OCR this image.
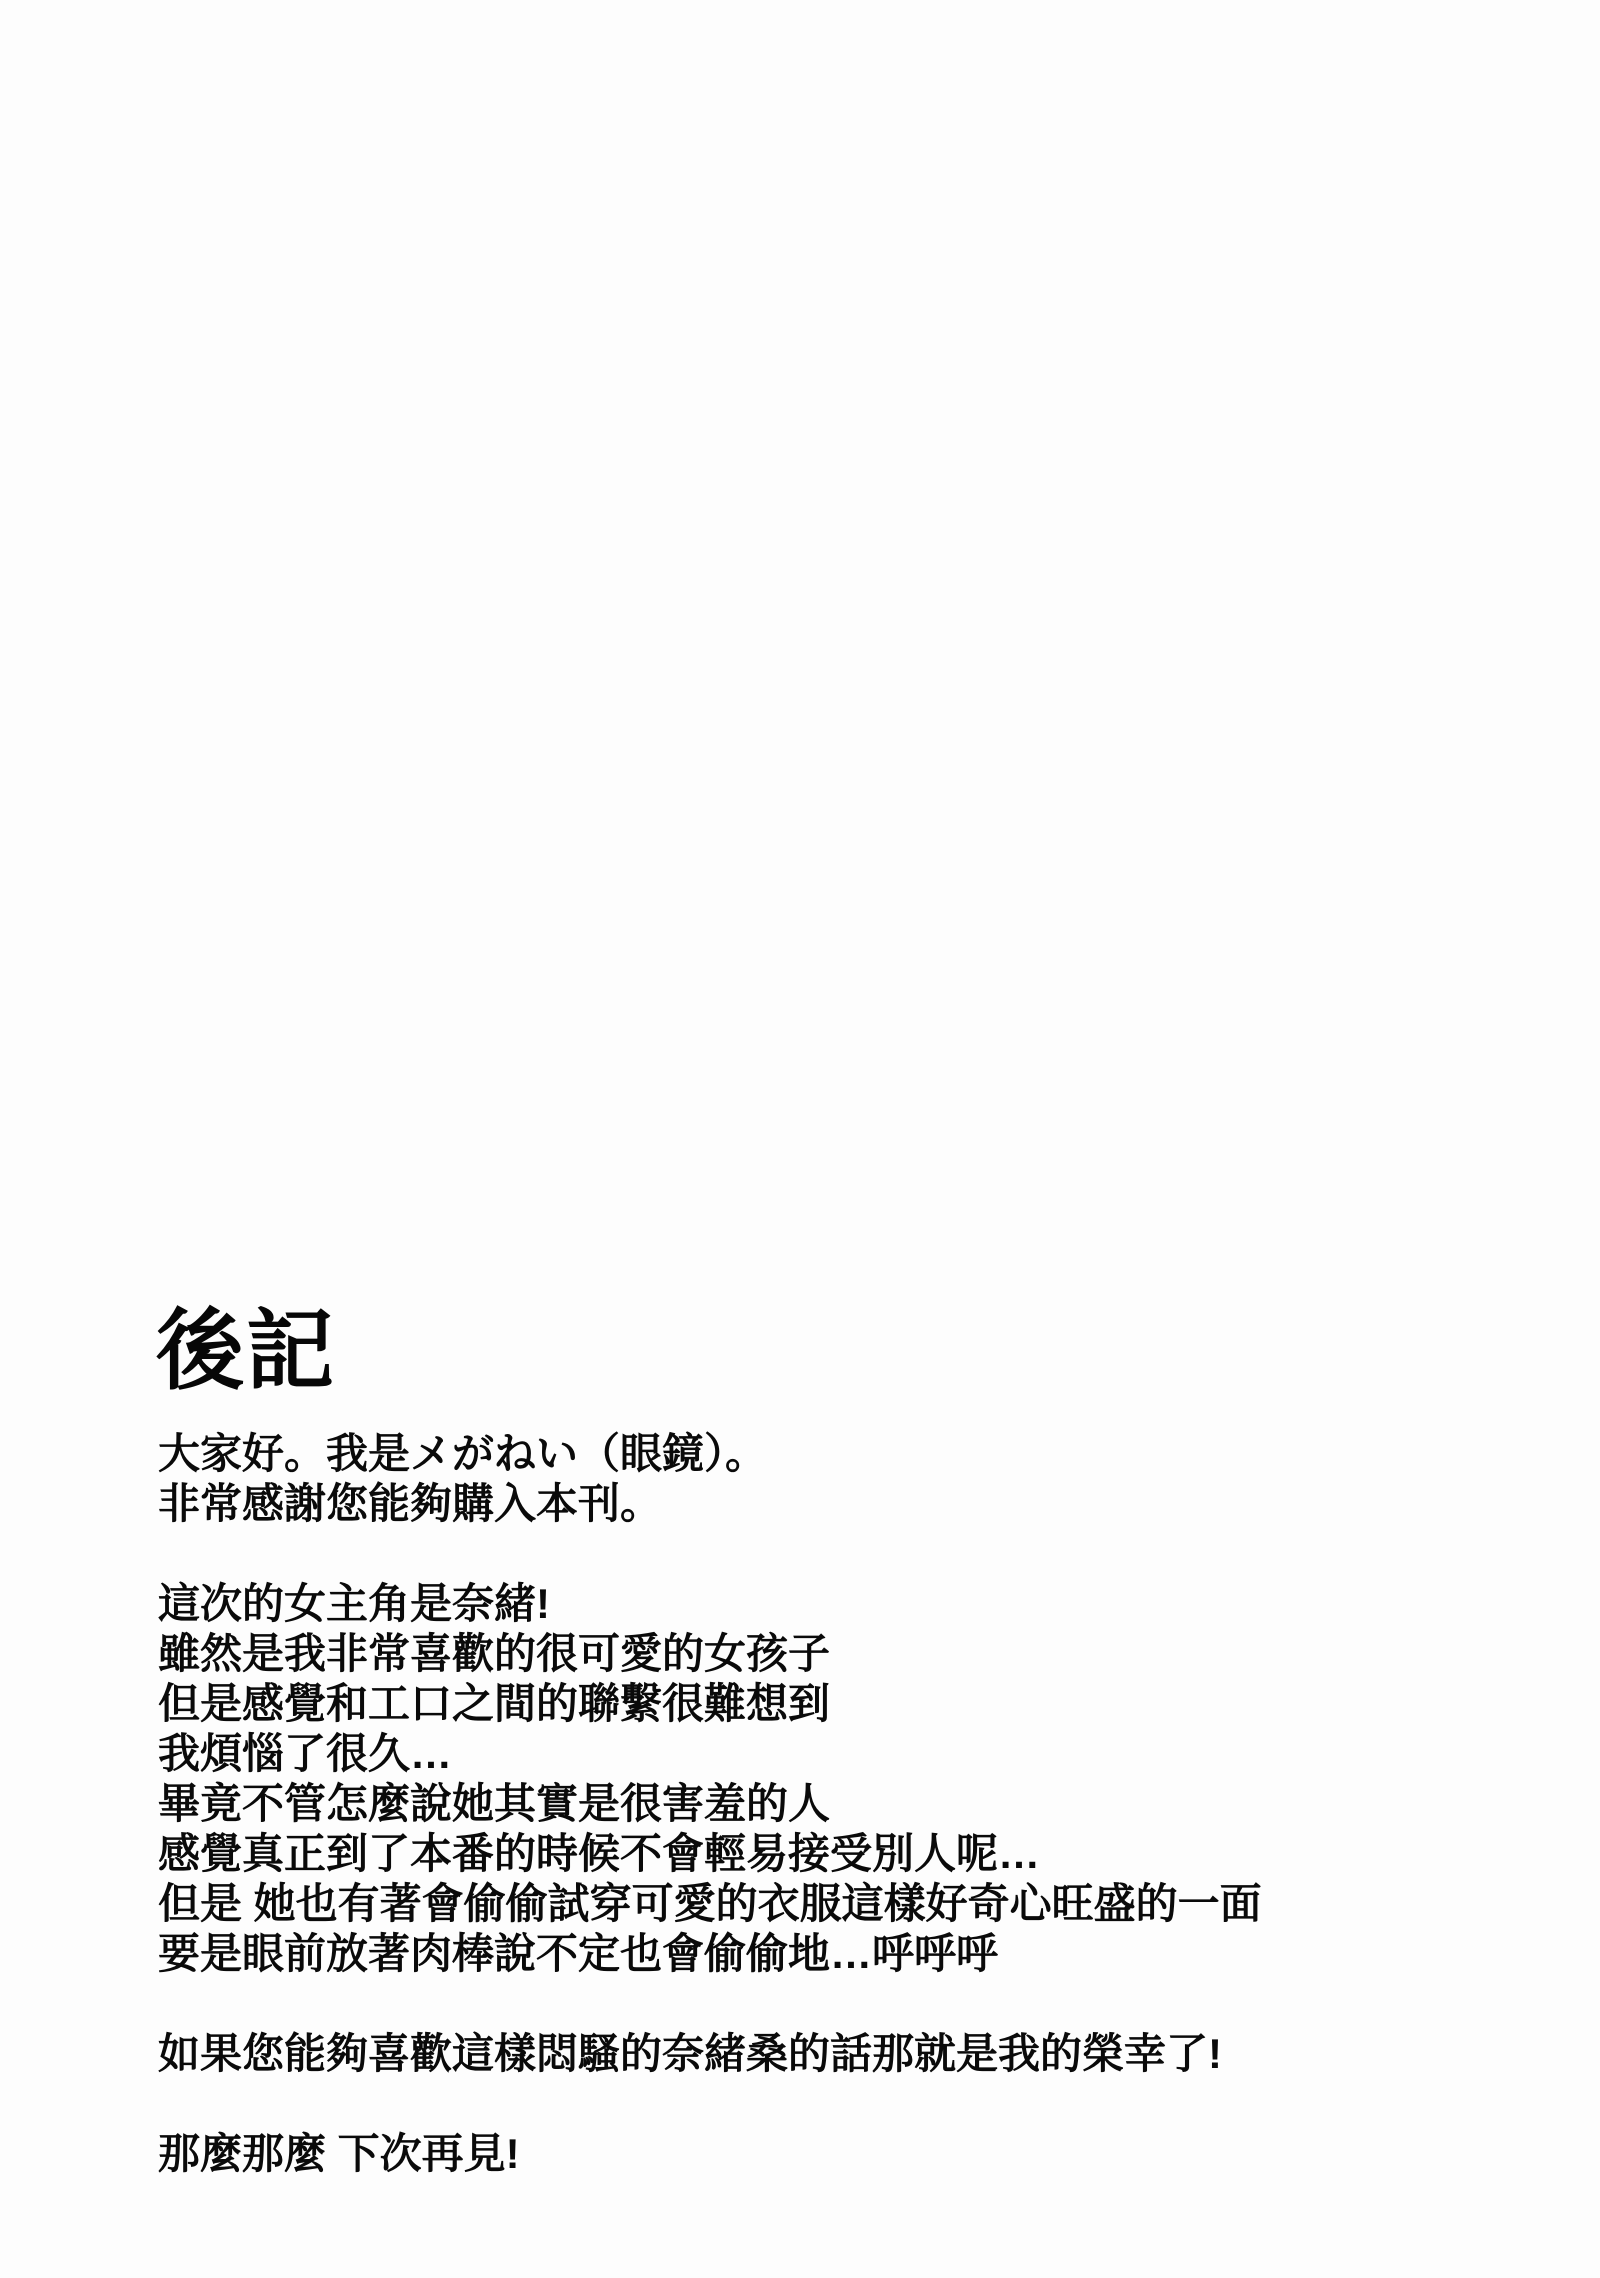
後記
大家好。我是メがねい（眼鏡）。
非常感謝您能夠購入本刊。
這次的女主角是奈緒!
雖然是我非常喜歡的很可愛的女孩子
但是感覺和工口之間的聯繫很難想到
我煩惱了很久…
畢竟不管怎麼說她其實是很害羞的人
感覺真正到了本番的時候不會輕易接受別人呢…
但是 她也有著會偷偷試穿可愛的衣服這樣好奇心旺盛的一面
要是眼前放著肉棒說不定也會偷偷地…呼呼呼
如果您能夠喜歡這樣悶騷的奈緒桑的話那就是我的榮幸了!
那麼那麼 下次再見!
